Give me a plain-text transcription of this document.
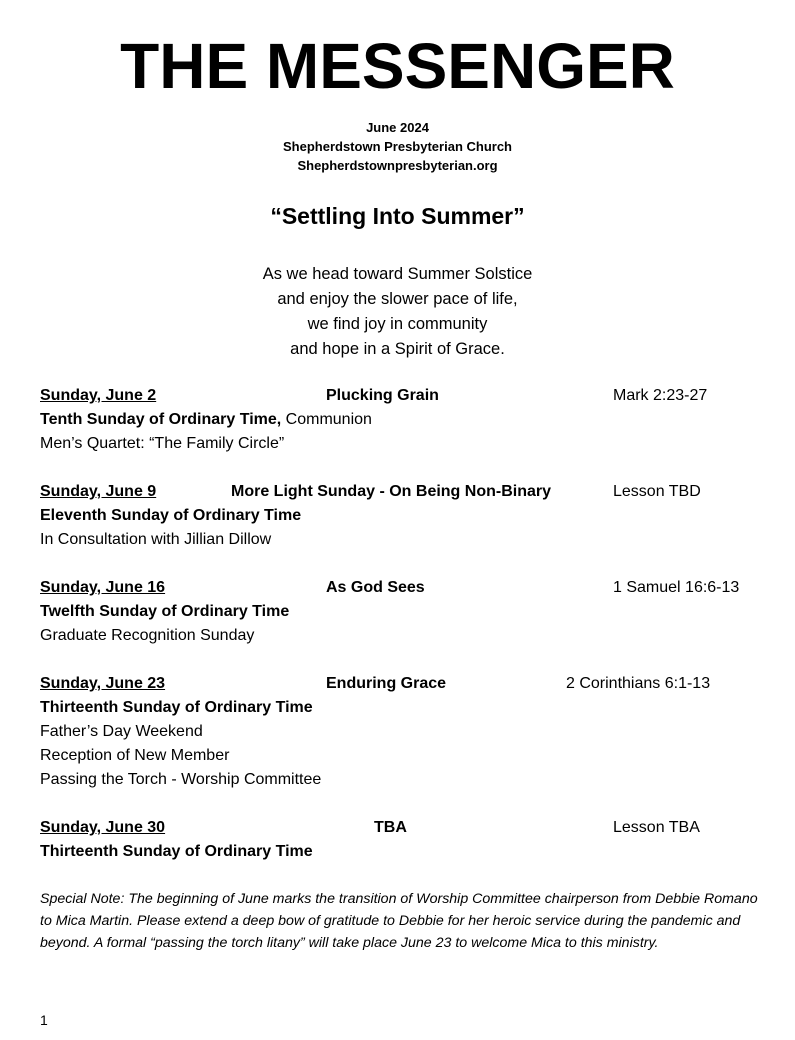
THE MESSENGER
June 2024
Shepherdstown Presbyterian Church
Shepherdstownpresbyterian.org
“Settling Into Summer”
As we head toward Summer Solstice
and enjoy the slower pace of life,
we find joy in community
and hope in a Spirit of Grace.
Sunday, June 2	Plucking Grain	Mark 2:23-27
Tenth Sunday of Ordinary Time, Communion
Men’s Quartet: “The Family Circle”
Sunday, June 9	More Light Sunday - On Being Non-Binary	Lesson TBD
Eleventh Sunday of Ordinary Time
In Consultation with Jillian Dillow
Sunday, June 16	As God Sees	1 Samuel 16:6-13
Twelfth Sunday of Ordinary Time
Graduate Recognition Sunday
Sunday, June 23	Enduring Grace	2 Corinthians 6:1-13
Thirteenth Sunday of Ordinary Time
Father’s Day Weekend
Reception of New Member
Passing the Torch - Worship Committee
Sunday, June 30	TBA	Lesson TBA
Thirteenth Sunday of Ordinary Time
Special Note: The beginning of June marks the transition of Worship Committee chairperson from Debbie Romano to Mica Martin. Please extend a deep bow of gratitude to Debbie for her heroic service during the pandemic and beyond. A formal “passing the torch litany” will take place June 23 to welcome Mica to this ministry.
1
